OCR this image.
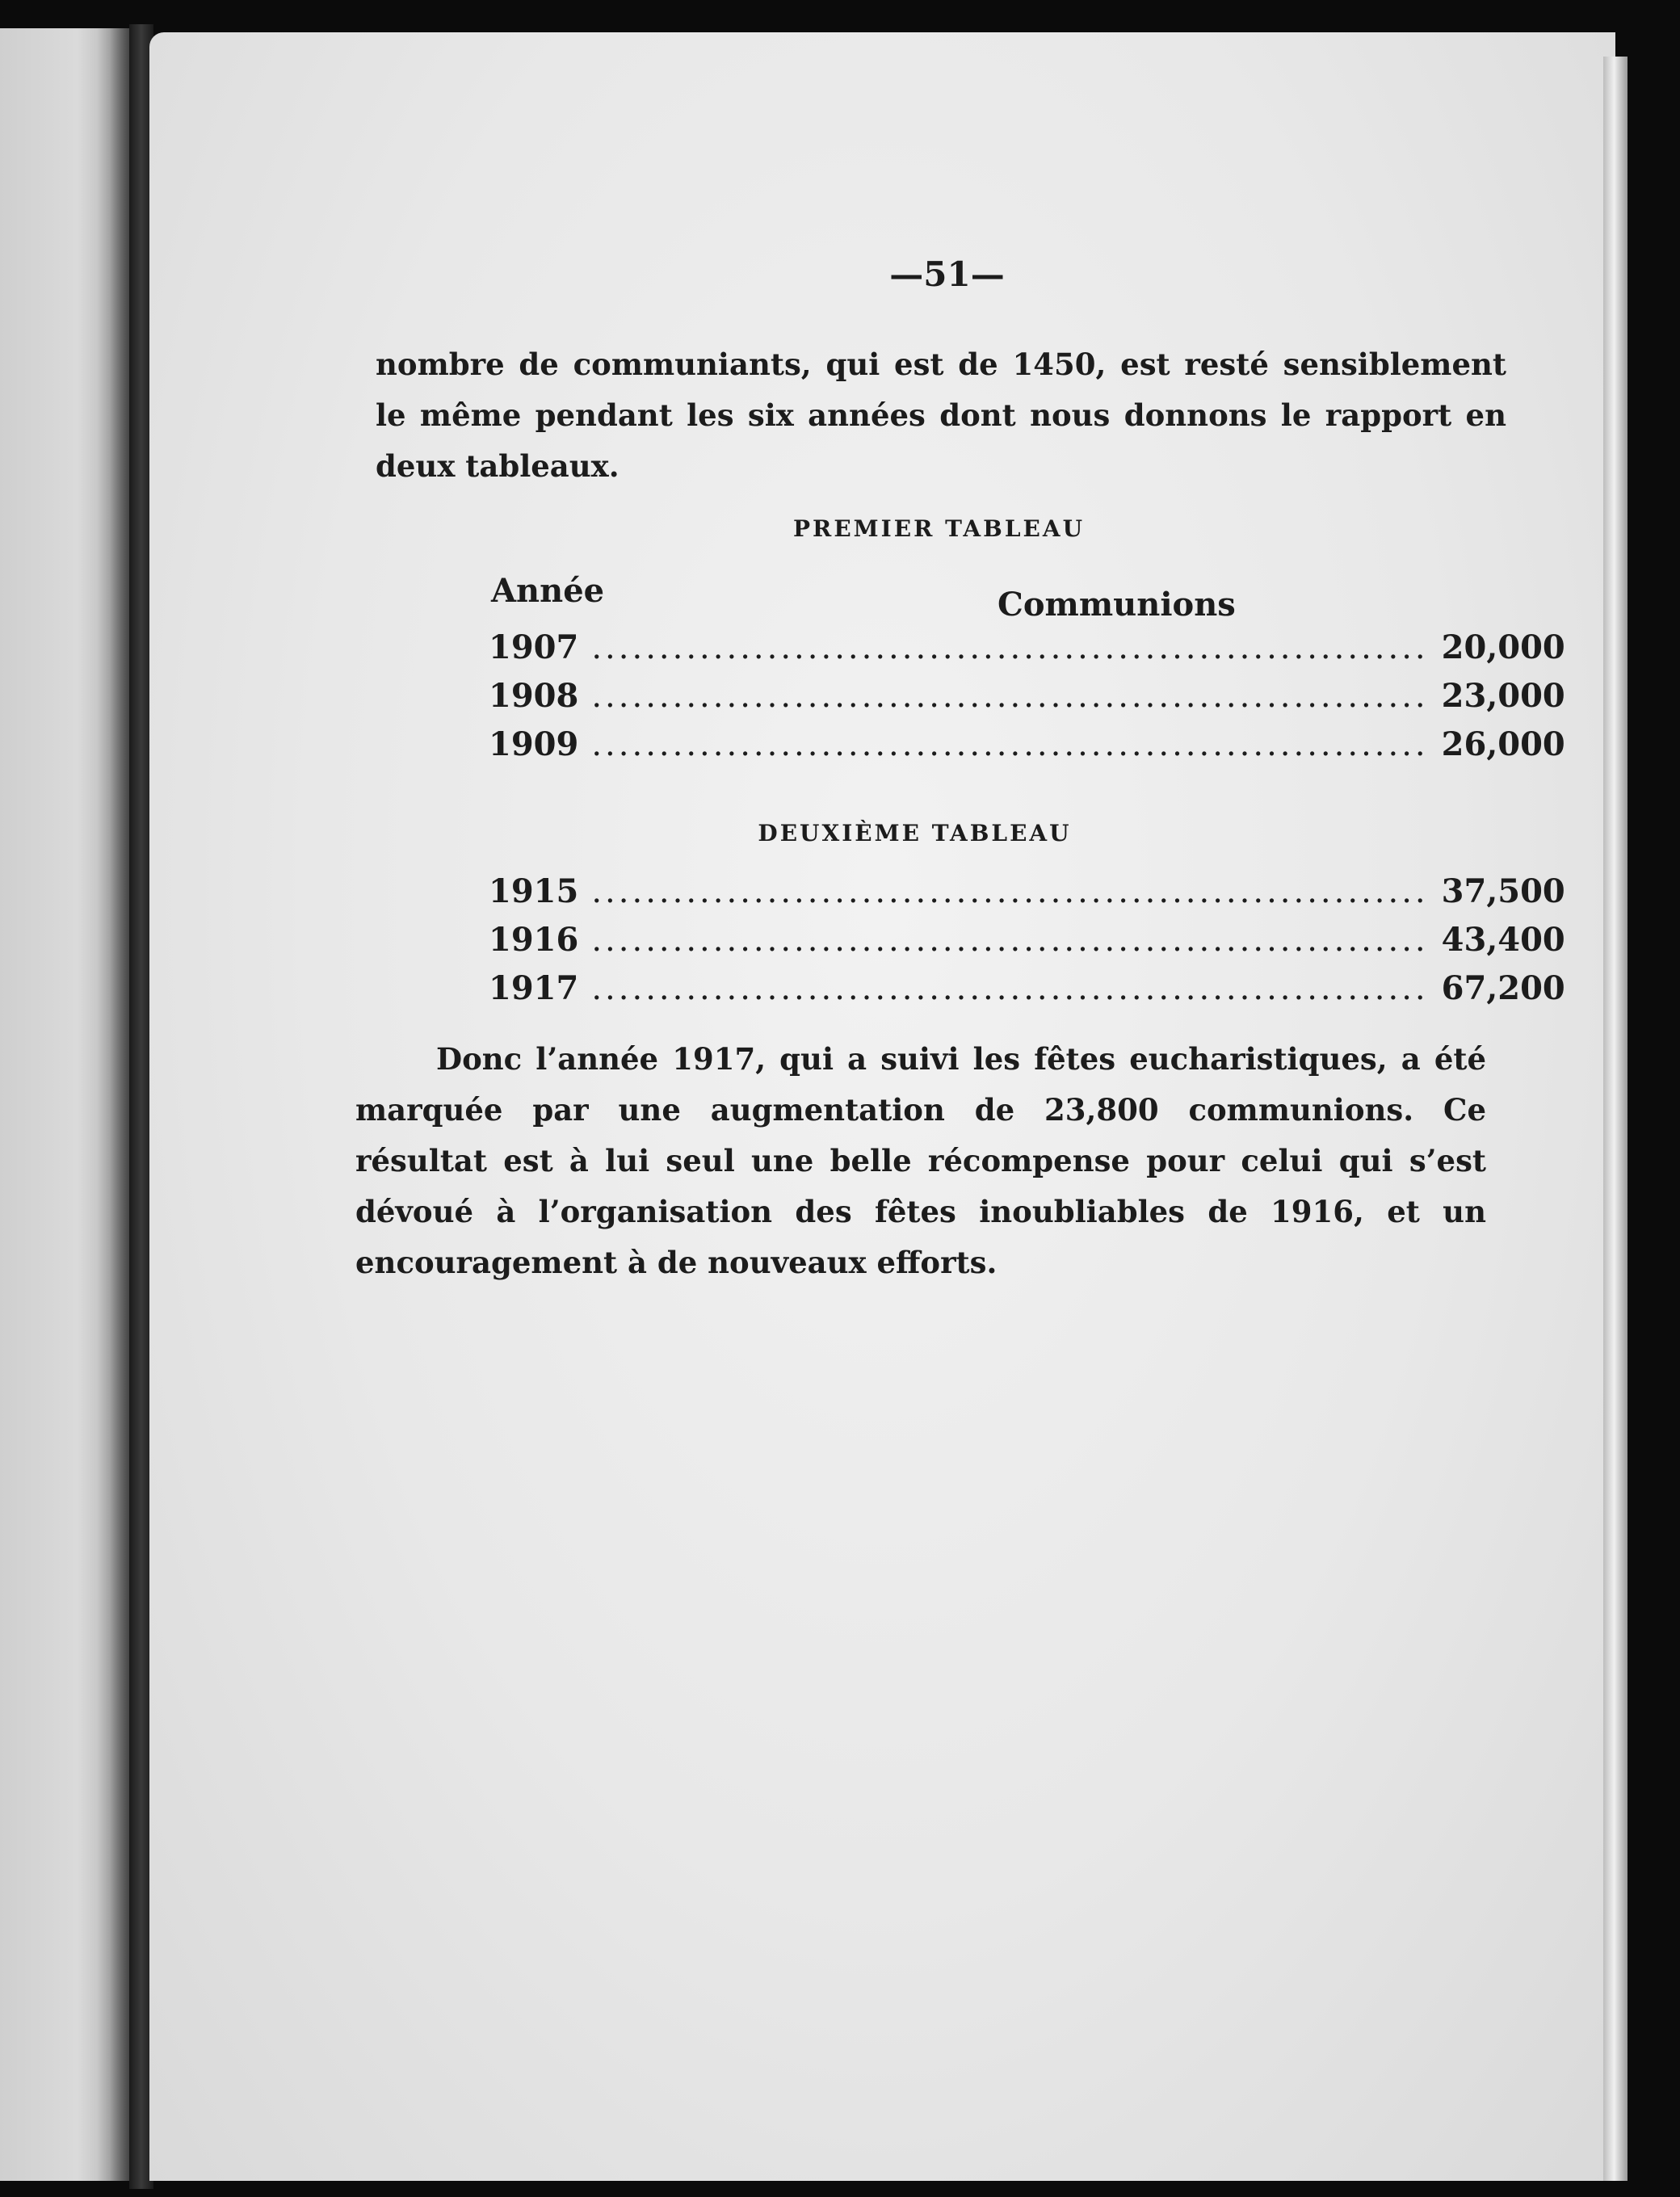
—51—
nombre de communiants, qui est de 1450, est resté sensiblement le même pendant les six années dont nous donnons le rapport en deux tableaux.
PREMIER TABLEAU
Année	Communions
1907 .............................................................. 20,000
1908 .............................................................. 23,000
1909 .............................................................. 26,000
DEUXIÈME TABLEAU
1915 .............................................................. 37,500
1916 .............................................................. 43,400
1917 .............................................................. 67,200
Donc l’année 1917, qui a suivi les fêtes eucharistiques, a été marquée par une augmentation de 23,800 communions. Ce résultat est à lui seul une belle récompense pour celui qui s’est dévoué à l’organisation des fêtes inoubliables de 1916, et un encouragement à de nouveaux efforts.
